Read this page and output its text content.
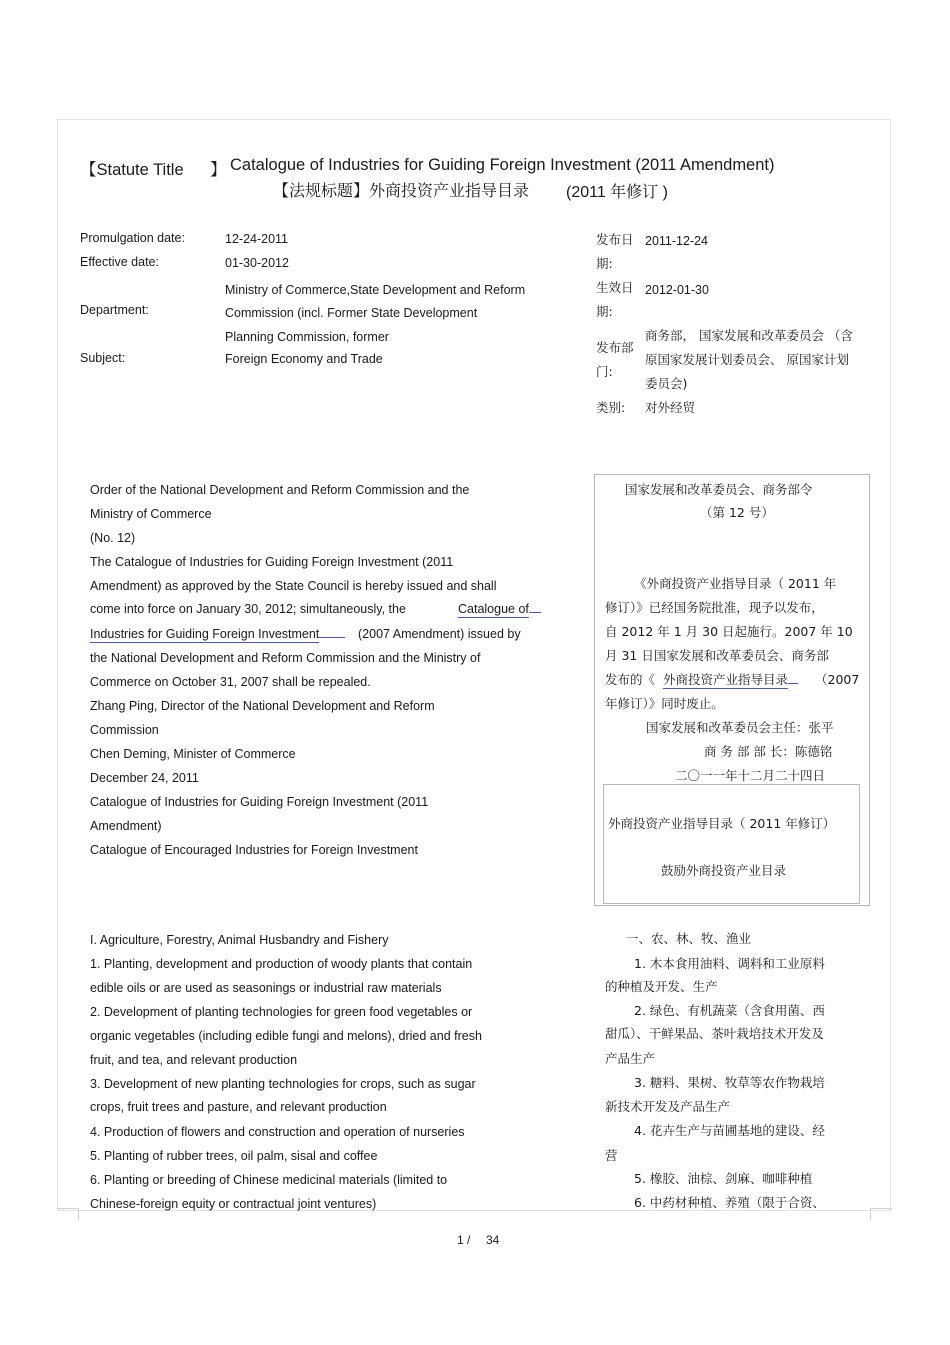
【Statute Title 】 Catalogue of Industries for Guiding Foreign Investment (2011 Amendment)
【法规标题】外商投资产业指导目录 (2011 年修订 )
Promulgation date:	12-24-2011
Effective date:	01-30-2012
Department:
Ministry of Commerce,State Development and Reform
Commission (incl. Former State Development
Planning Commission, former
Subject:	Foreign Economy and Trade
发布日
期:
2011-12-24
生效日
期:
2012-01-30
发布部
门:
商务部， 国家发展和改革委员会 （含
原国家发展计划委员会、 原国家计划
委员会)
类别: 对外经贸
Order of the National Development and Reform Commission and the
Ministry of Commerce
(No. 12)
The Catalogue of Industries for Guiding Foreign Investment (2011
Amendment) as approved by the State Council is hereby issued and shall
come into force on January 30, 2012; simultaneously, the	Catalogue of
Industries for Guiding Foreign Investment	(2007 Amendment) issued by
the National Development and Reform Commission and the Ministry of
Commerce on October 31, 2007 shall be repealed.
Zhang Ping, Director of the National Development and Reform
Commission
Chen Deming, Minister of Commerce
December 24, 2011
Catalogue of Industries for Guiding Foreign Investment (2011
Amendment)
Catalogue of Encouraged Industries for Foreign Investment
国家发展和改革委员会、商务部令
（第 12 号）
《外商投资产业指导目录（ 2011 年
修订）》已经国务院批准，现予以发布，
自 2012 年 1 月 30 日起施行。2007 年 10
月 31 日国家发展和改革委员会、商务部
发布的《 外商投资产业指导目录	（2007
年修订）》同时废止。
国家发展和改革委员会主任：张平
商 务 部 部 长：陈德铭
二〇一一年十二月二十四日
外商投资产业指导目录（ 2011 年修订）
鼓励外商投资产业目录
I. Agriculture, Forestry, Animal Husbandry and Fishery
1. Planting, development and production of woody plants that contain
edible oils or are used as seasonings or industrial raw materials
2. Development of planting technologies for green food vegetables or
organic vegetables (including edible fungi and melons), dried and fresh
fruit, and tea, and relevant production
3. Development of new planting technologies for crops, such as sugar
crops, fruit trees and pasture, and relevant production
4. Production of flowers and construction and operation of nurseries
5. Planting of rubber trees, oil palm, sisal and coffee
6. Planting or breeding of Chinese medicinal materials (limited to
Chinese-foreign equity or contractual joint ventures)
一、农、林、牧、渔业
1. 木本食用油料、调料和工业原料
的种植及开发、生产
2. 绿色、有机蔬菜（含食用菌、西
甜瓜）、干鲜果品、茶叶栽培技术开发及
产品生产
3. 糖料、果树、牧草等农作物栽培
新技术开发及产品生产
4. 花卉生产与苗圃基地的建设、经
营
5. 橡胶、油棕、剑麻、咖啡种植
6. 中药材种植、养殖（限于合资、
1 / 34
